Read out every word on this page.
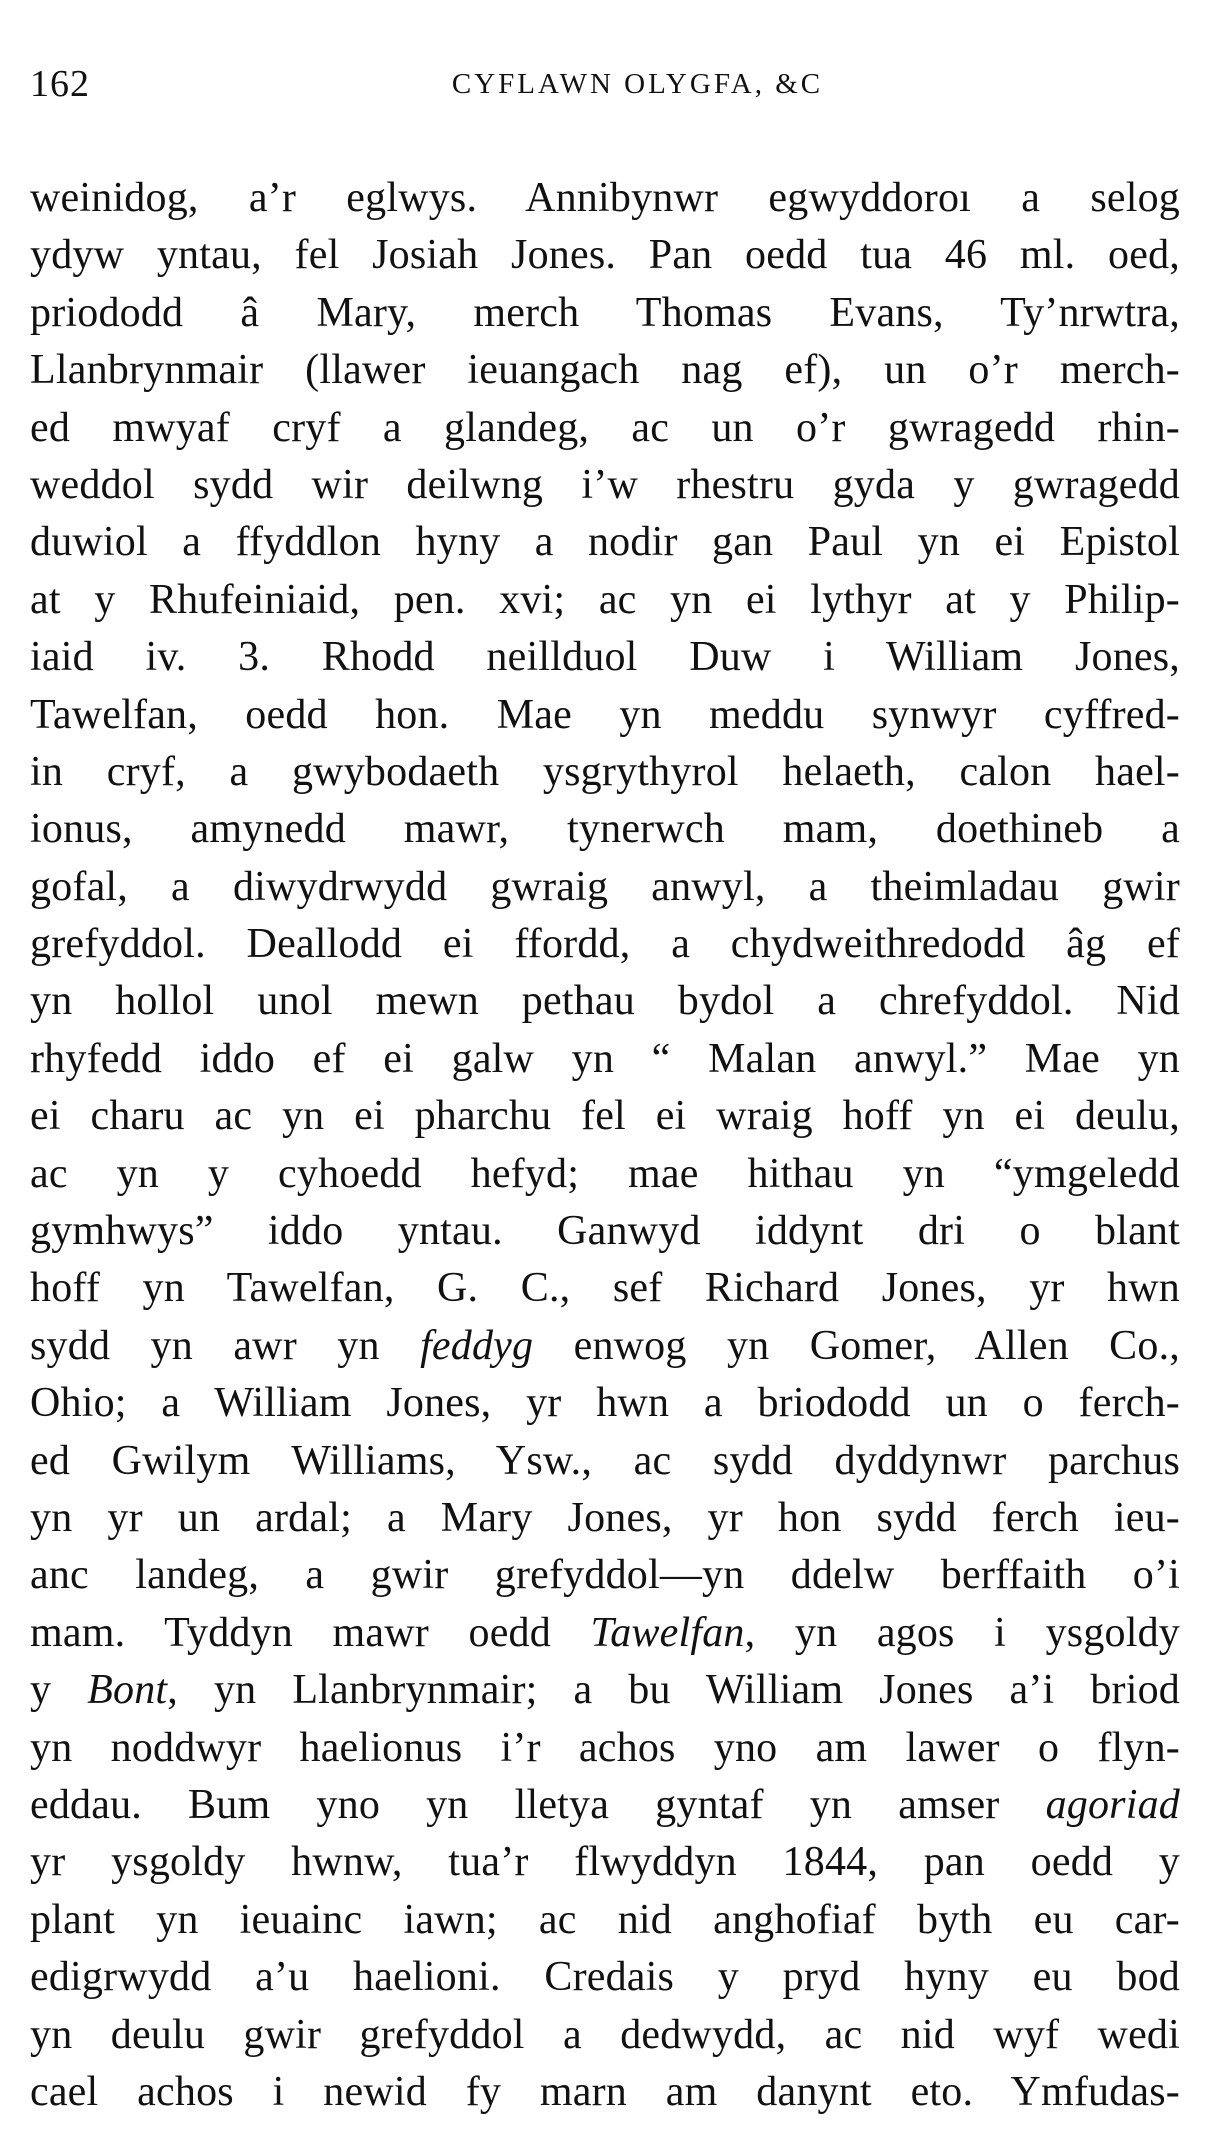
162	CYFLAWN OLYGFA, &C
weinidog, a’r eglwys. Annibynwr egwyddoroı a selog
ydyw yntau, fel Josiah Jones. Pan oedd tua 46 ml. oed,
priododd â Mary, merch Thomas Evans, Ty’nrwtra,
Llanbrynmair (llawer ieuangach nag ef), un o’r merch-
ed mwyaf cryf a glandeg, ac un o’r gwragedd rhin-
weddol sydd wir deilwng i’w rhestru gyda y gwragedd
duwiol a ffyddlon hyny a nodir gan Paul yn ei Epistol
at y Rhufeiniaid, pen. xvi; ac yn ei lythyr at y Philip-
iaid iv. 3. Rhodd neillduol Duw i William Jones,
Tawelfan, oedd hon. Mae yn meddu synwyr cyffred-
in cryf, a gwybodaeth ysgrythyrol helaeth, calon hael-
ionus, amynedd mawr, tynerwch mam, doethineb a
gofal, a diwydrwydd gwraig anwyl, a theimladau gwir
grefyddol. Deallodd ei ffordd, a chydweithredodd âg ef
yn hollol unol mewn pethau bydol a chrefyddol. Nid
rhyfedd iddo ef ei galw yn “ Malan anwyl.” Mae yn
ei charu ac yn ei pharchu fel ei wraig hoff yn ei deulu,
ac yn y cyhoedd hefyd; mae hithau yn “ymgeledd
gymhwys” iddo yntau. Ganwyd iddynt dri o blant
hoff yn Tawelfan, G. C., sef Richard Jones, yr hwn
sydd yn awr yn feddyg enwog yn Gomer, Allen Co.,
Ohio; a William Jones, yr hwn a briododd un o ferch-
ed Gwilym Williams, Ysw., ac sydd dyddynwr parchus
yn yr un ardal; a Mary Jones, yr hon sydd ferch ieu-
anc landeg, a gwir grefyddol—yn ddelw berffaith o’i
mam. Tyddyn mawr oedd Tawelfan, yn agos i ysgoldy
y Bont, yn Llanbrynmair; a bu William Jones a’i briod
yn noddwyr haelionus i’r achos yno am lawer o flyn-
eddau. Bum yno yn lletya gyntaf yn amser agoriad
yr ysgoldy hwnw, tua’r flwyddyn 1844, pan oedd y
plant yn ieuainc iawn; ac nid anghofiaf byth eu car-
edigrwydd a’u haelioni. Credais y pryd hyny eu bod
yn deulu gwir grefyddol a dedwydd, ac nid wyf wedi
cael achos i newid fy marn am danynt eto. Ymfudas-
